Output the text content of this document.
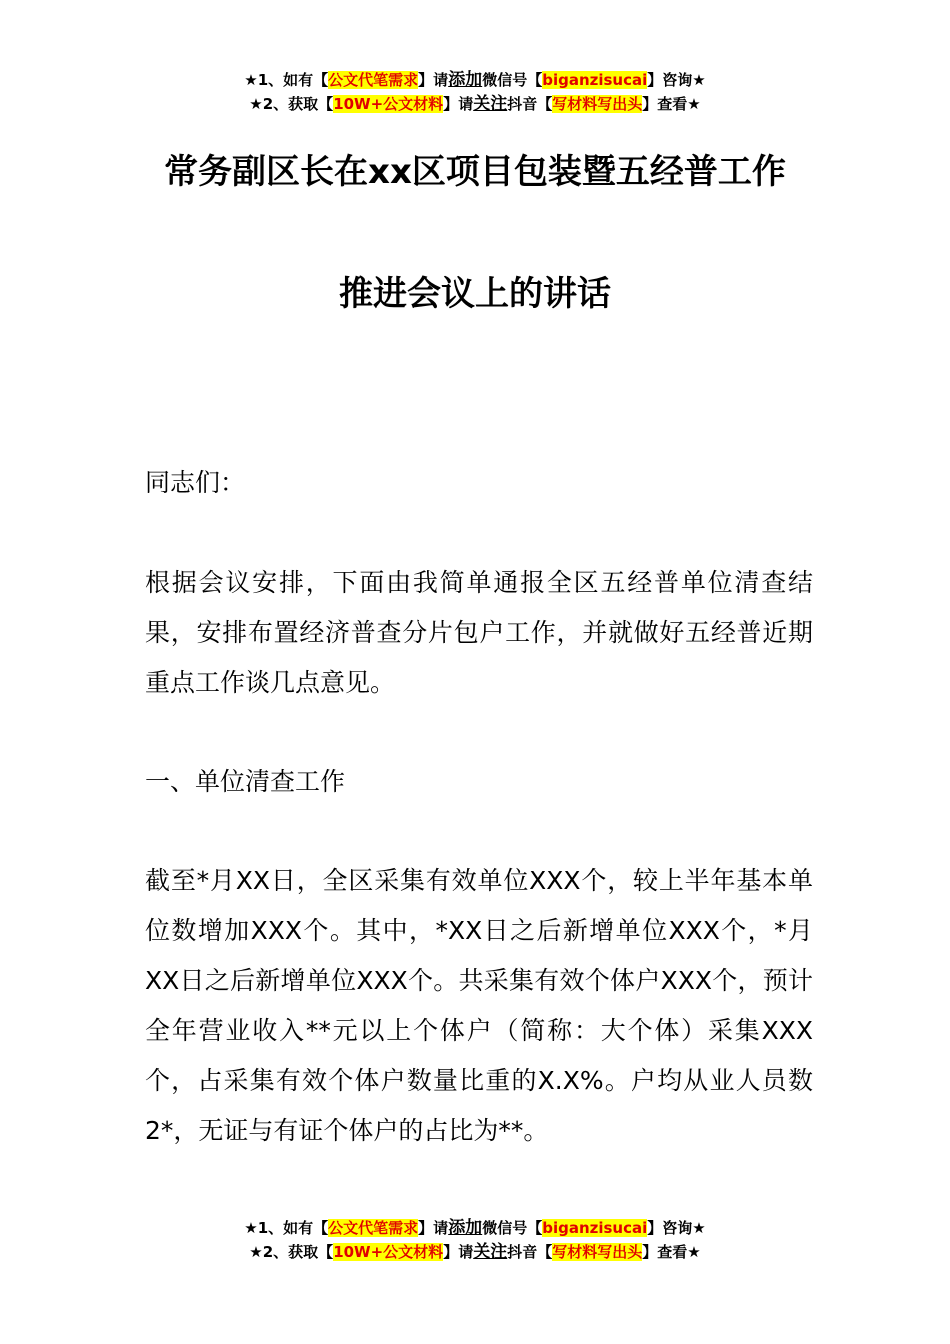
★1、如有【公文代笔需求】请添加微信号【biganzisucai】咨询★
★2、获取【10W+公文材料】请关注抖音【写材料写出头】查看★
常务副区长在xx区项目包装暨五经普工作
推进会议上的讲话

同志们：

根据会议安排，下面由我简单通报全区五经普单位清查结果，安排布置经济普查分片包户工作，并就做好五经普近期重点工作谈几点意见。

一、单位清查工作

截至*月XX日，全区采集有效单位XXX个，较上半年基本单位数增加XXX个。其中，*XX日之后新增单位XXX个，*月XX日之后新增单位XXX个。共采集有效个体户XXX个，预计全年营业收入**元以上个体户（简称：大个体）采集XXX个，占采集有效个体户数量比重的X.X%。户均从业人员数2*，无证与有证个体户的占比为**。

★1、如有【公文代笔需求】请添加微信号【biganzisucai】咨询★
★2、获取【10W+公文材料】请关注抖音【写材料写出头】查看★
